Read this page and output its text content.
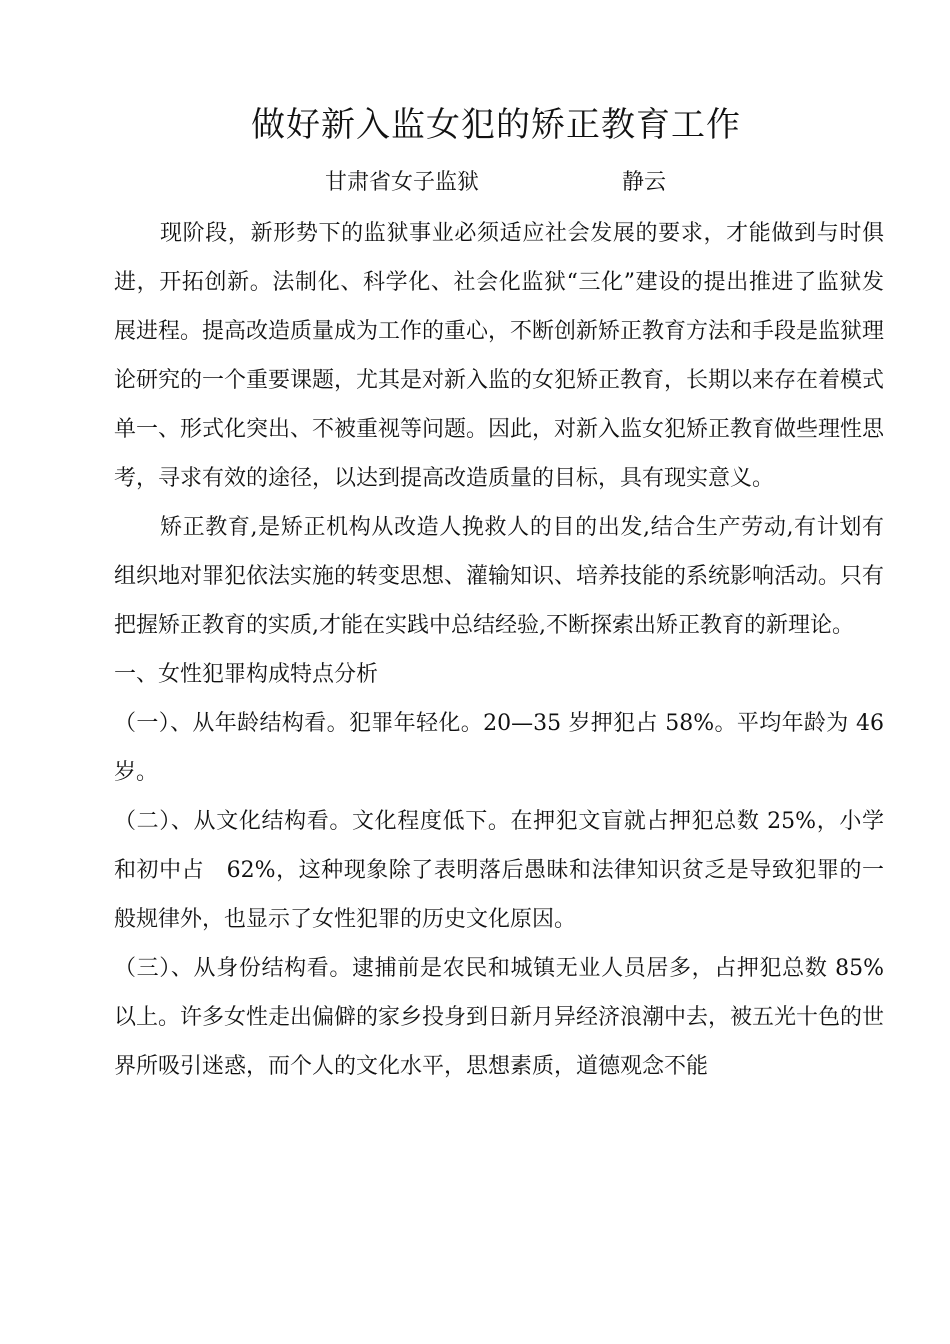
做好新入监女犯的矫正教育工作
甘肃省女子监狱	静云

现阶段，新形势下的监狱事业必须适应社会发展的要求，才能做到与时俱进，开拓创新。法制化、科学化、社会化监狱“三化”建设的提出推进了监狱发展进程。提高改造质量成为工作的重心，不断创新矫正教育方法和手段是监狱理论研究的一个重要课题，尤其是对新入监的女犯矫正教育，长期以来存在着模式单一、形式化突出、不被重视等问题。因此，对新入监女犯矫正教育做些理性思考，寻求有效的途径，以达到提高改造质量的目标，具有现实意义。

矫正教育,是矫正机构从改造人挽救人的目的出发,结合生产劳动,有计划有组织地对罪犯依法实施的转变思想、灌输知识、培养技能的系统影响活动。只有把握矫正教育的实质,才能在实践中总结经验,不断探索出矫正教育的新理论。

一、女性犯罪构成特点分析

（一）、从年龄结构看。犯罪年轻化。20—35 岁押犯占 58%。平均年龄为 46 岁。

（二）、从文化结构看。文化程度低下。在押犯文盲就占押犯总数 25%，小学和初中占　62%，这种现象除了表明落后愚昧和法律知识贫乏是导致犯罪的一般规律外，也显示了女性犯罪的历史文化原因。

（三）、从身份结构看。逮捕前是农民和城镇无业人员居多，占押犯总数 85%以上。许多女性走出偏僻的家乡投身到日新月异经济浪潮中去，被五光十色的世界所吸引迷惑，而个人的文化水平，思想素质，道德观念不能
